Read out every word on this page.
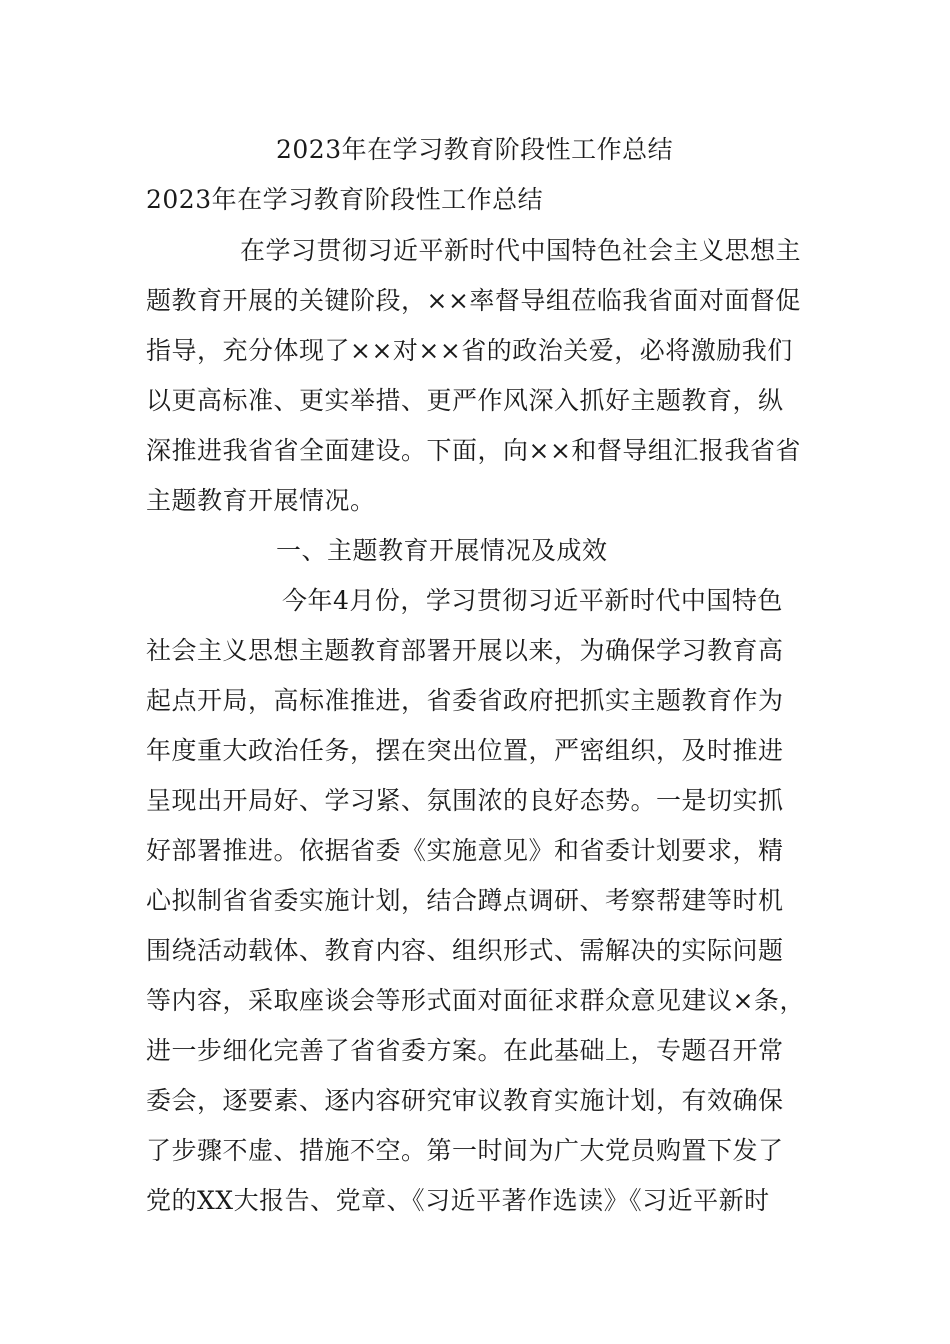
2023年在学习教育阶段性工作总结
2023年在学习教育阶段性工作总结
在学习贯彻习近平新时代中国特色社会主义思想主
题教育开展的关键阶段，××率督导组莅临我省面对面督促
指导，充分体现了××对××省的政治关爱，必将激励我们
以更高标准、更实举措、更严作风深入抓好主题教育，纵
深推进我省省全面建设。下面，向××和督导组汇报我省省
主题教育开展情况。
一、主题教育开展情况及成效
今年4月份，学习贯彻习近平新时代中国特色
社会主义思想主题教育部署开展以来，为确保学习教育高
起点开局，高标准推进，省委省政府把抓实主题教育作为
年度重大政治任务，摆在突出位置，严密组织，及时推进
呈现出开局好、学习紧、氛围浓的良好态势。一是切实抓
好部署推进。依据省委《实施意见》和省委计划要求，精
心拟制省省委实施计划，结合蹲点调研、考察帮建等时机
围绕活动载体、教育内容、组织形式、需解决的实际问题
等内容，采取座谈会等形式面对面征求群众意见建议×条，
进一步细化完善了省省委方案。在此基础上，专题召开常
委会，逐要素、逐内容研究审议教育实施计划，有效确保
了步骤不虚、措施不空。第一时间为广大党员购置下发了
党的XX大报告、党章、《习近平著作选读》《习近平新时
